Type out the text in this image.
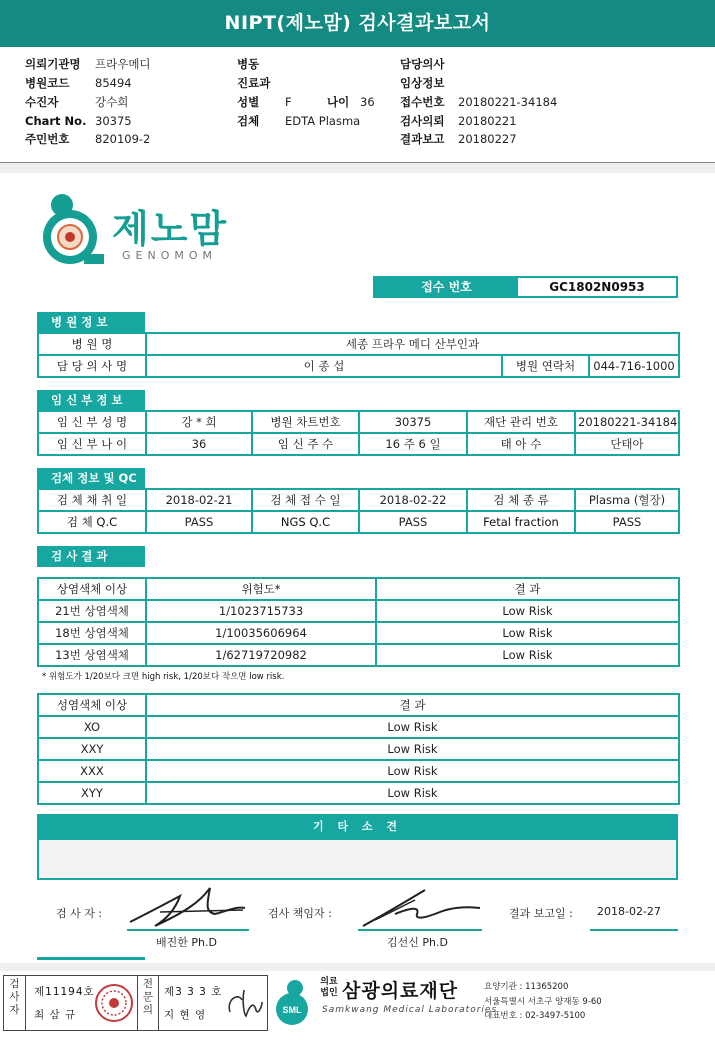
NIPT(제노맘) 검사결과보고서
의뢰기관명 프라우메디	병동	담당의사
병원코드 85494	진료과	임상정보
수진자	강수희	성별 F	나이 36 접수번호 20180221-34184
Chart No. 30375	검체 EDTA Plasma	검사의뢰 20180221
주민번호 820109-2	결과보고 20180227
제노맘
GENOMOM
접수 번호	GC1802N0953
병 원 정 보
병 원 명	세종 프라우 메디 산부인과		
담 당 의 사 명	이 종 섭	병원 연락처	044-716-1000
임 신 부 정 보
임 신 부 성 명	강 * 희	병원 차트번호	30375	재단 관리 번호	20180221-34184
임 신 부 나 이	36	임 신 주 수	16 주 6 일	태 아 수	단태아
검체 정보 및 QC
검 체 채 취 일	2018-02-21	검 체 접 수 일	2018-02-22	검 체 종 류	Plasma (혈장)
검 체 Q.C	PASS	NGS Q.C	PASS	Fetal fraction	PASS
검 사 결 과
상염색체 이상	위험도*	결 과
21번 상염색체	1/1023715733	Low Risk
18번 상염색체	1/10035606964	Low Risk
13번 상염색체	1/62719720982	Low Risk
* 위험도가 1/20보다 크면 high risk, 1/20보다 작으면 low risk.
성염색체 이상	결 과
XO	Low Risk
XXY	Low Risk
XXX	Low Risk
XYY	Low Risk
기 타 소 견
검 사 자 :
배진한 Ph.D
검사 책임자 :
김선신 Ph.D
결과 보고일 : 2018-02-27
검사자
제11194호
최 삼 규
전문의
제3 3 3 호
지 현 영	SML
의료법인 삼광의료재단
Samkwang Medical Laboratories
요양기관 : 11365200
서울특별시 서초구 양재동 9-60
대표번호 : 02-3497-5100
